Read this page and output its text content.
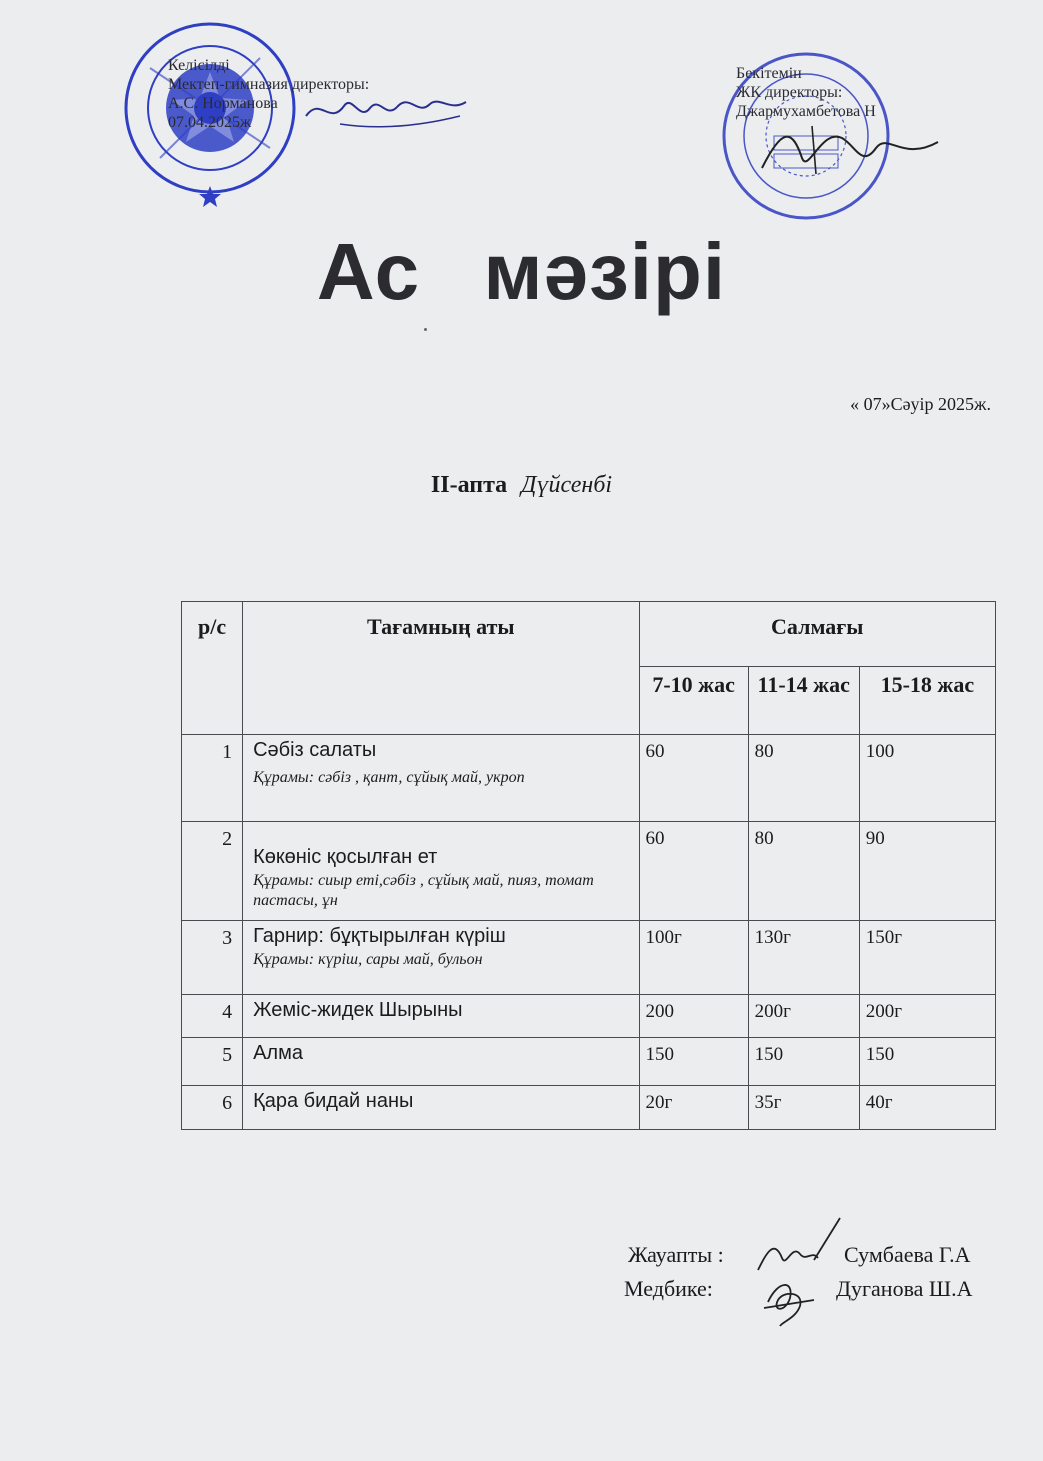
Келісілді
Мектеп-гимназия директоры:
А.С. Норманова
07.04.2025ж
Бекітемін
ЖК директоры:
Джармухамбетова Н
Ас мәзірі
« 07»Сәуір 2025ж.
II-апта Дүйсенбі
р/с	Тағамның аты	Салмағы		
		7-10 жас	11-14 жас	15-18 жас
1	Сәбіз салаты
Құрамы: сәбіз , қант, сұйық май, укроп	60	80	100
2	Көкөніс қосылған ет
Құрамы: сиыр еті,сәбіз , сұйық май, пияз, томат пастасы, ұн	60	80	90
3	Гарнир: бұқтырылған күріш
Құрамы: күріш, сары май, бульон	100г	130г	150г
4	Жеміс-жидек Шырыны	200	200г	200г
5	Алма	150	150	150
6	Қара бидай наны	20г	35г	40г
Жауапты :	Сумбаева Г.А
Медбике:	Дуганова Ш.А
